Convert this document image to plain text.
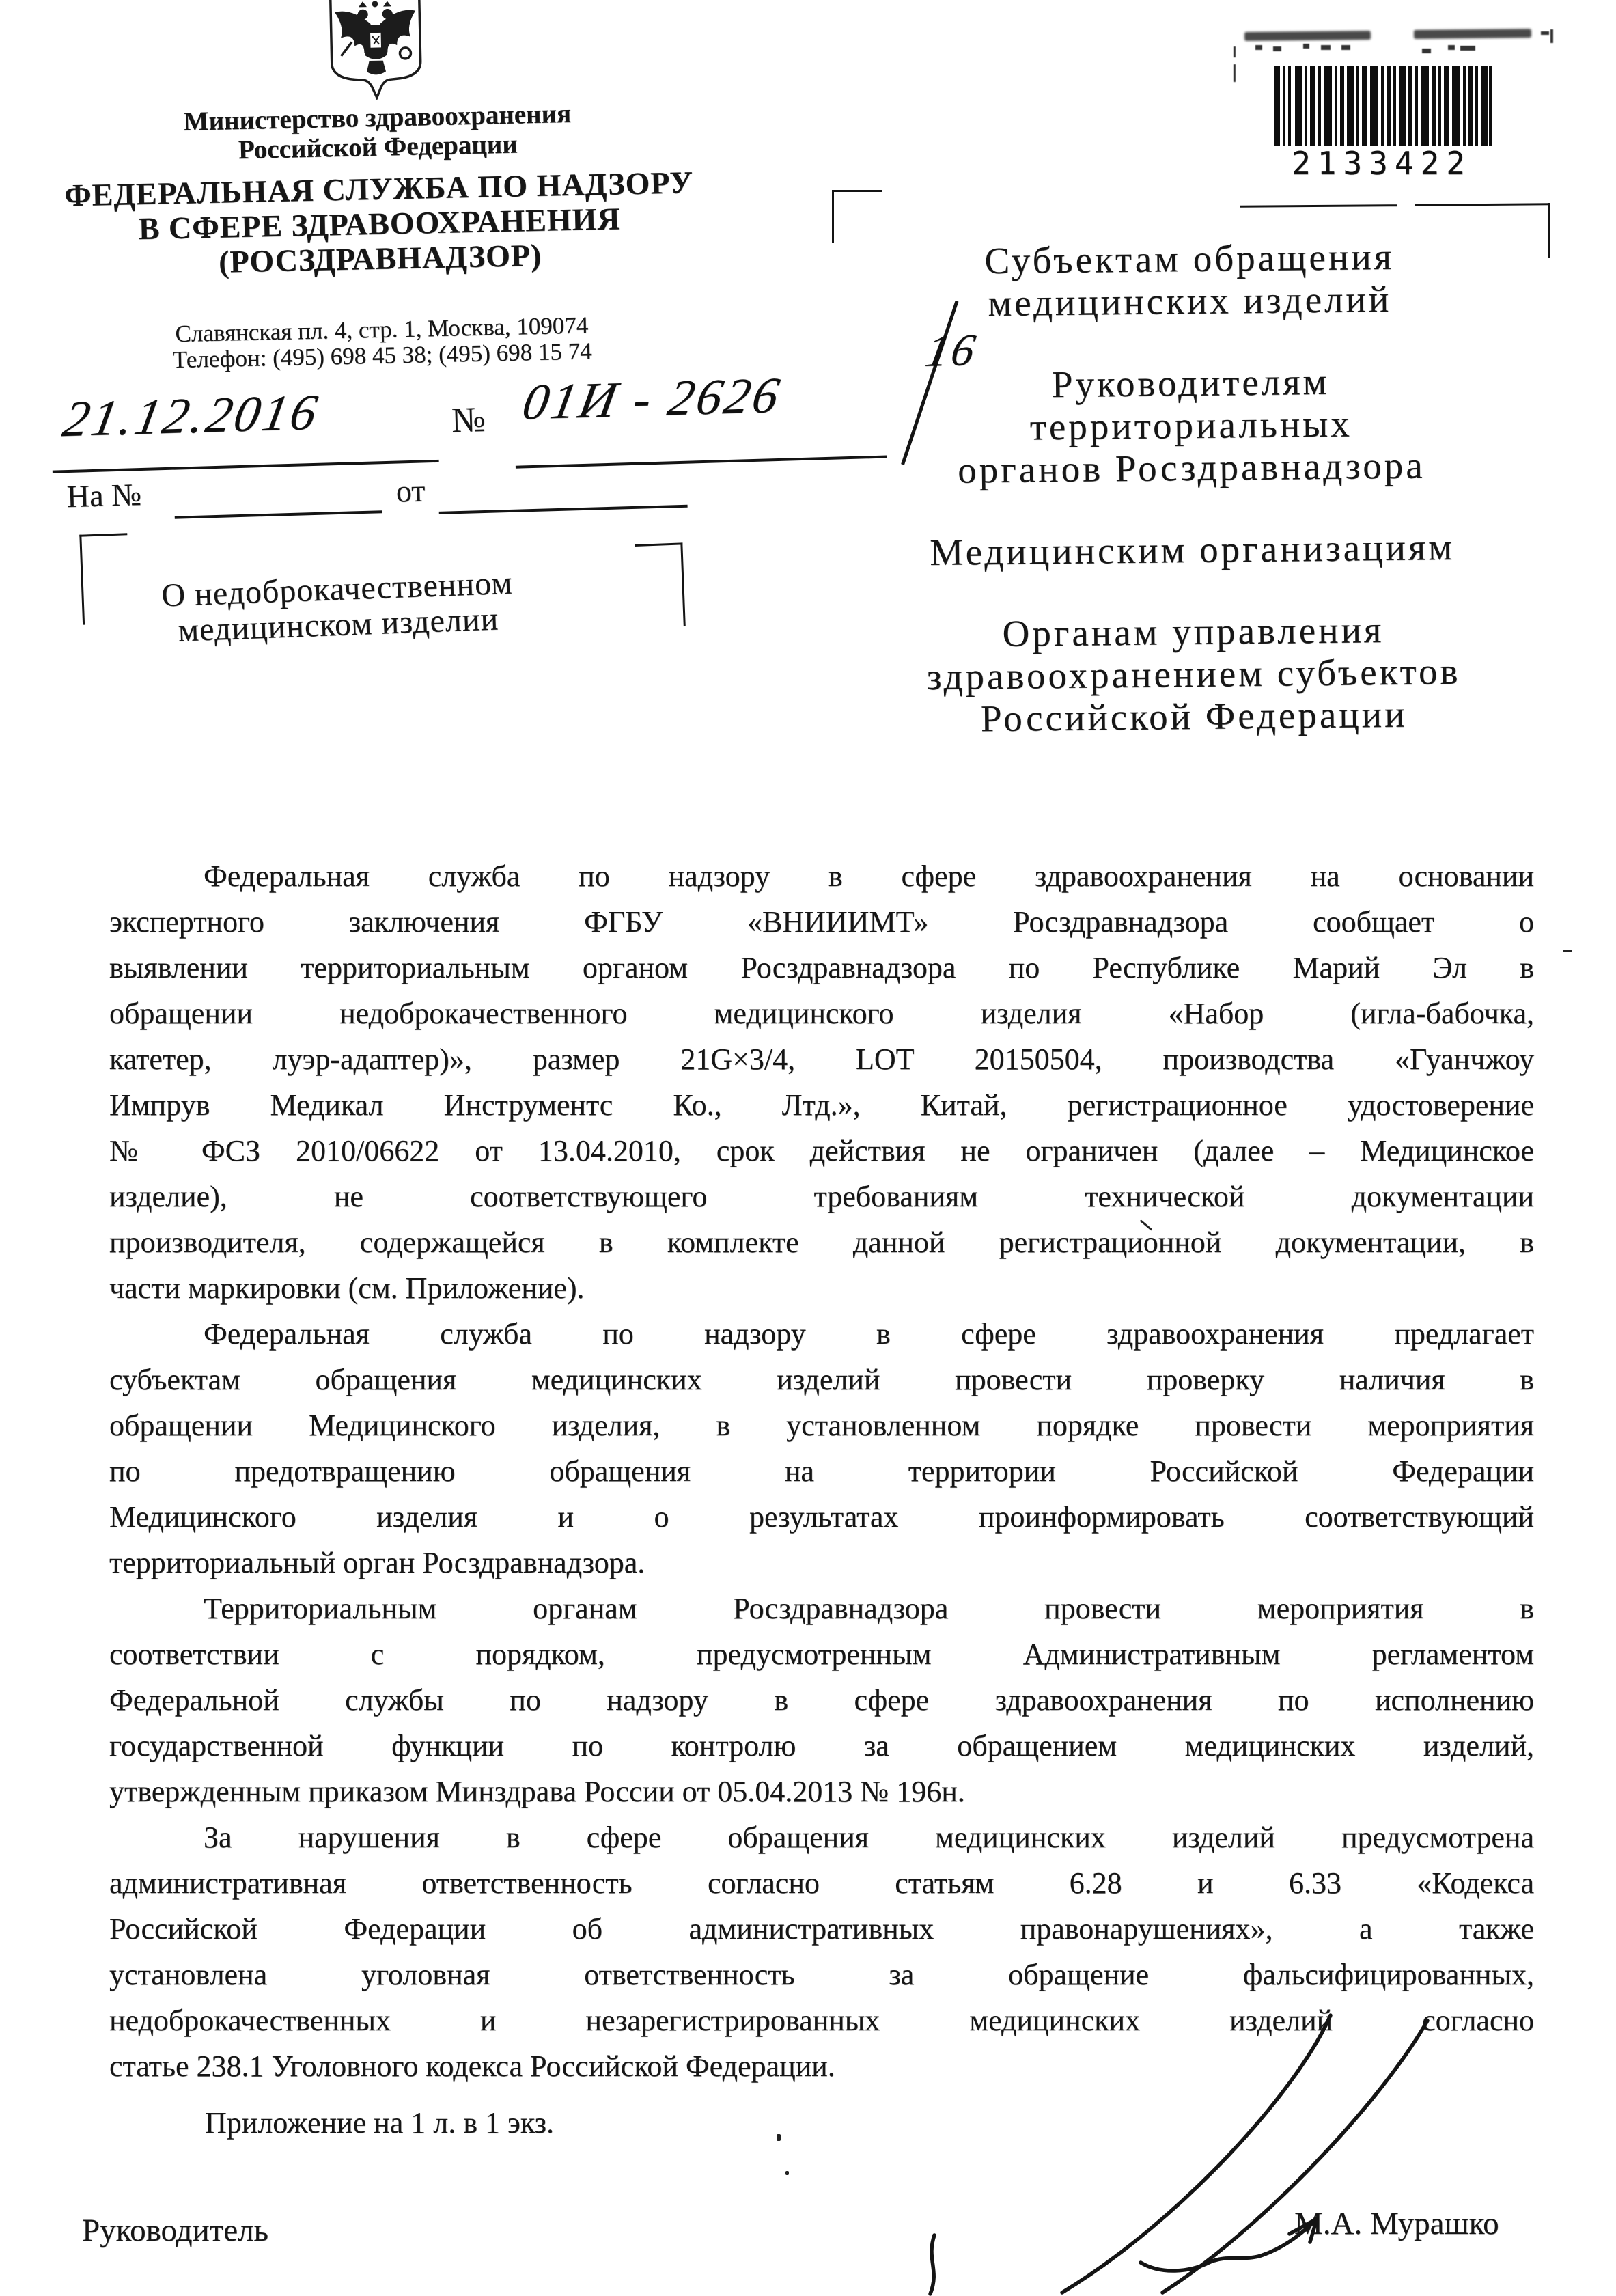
Министерство здравоохранения
Российской Федерации
ФЕДЕРАЛЬНАЯ СЛУЖБА ПО НАДЗОРУ
В СФЕРЕ ЗДРАВООХРАНЕНИЯ
(РОСЗДРАВНАДЗОР)
Славянская пл. 4, стр. 1, Москва, 109074
Телефон: (495) 698 45 38; (495) 698 15 74
2133422
21.12.2016	№ 01И - 2626
16
На №	от
Субъектам обращения
медицинских изделий
Руководителям
территориальных
органов Росздравнадзора
Медицинским организациям
Органам управления
здравоохранением субъектов
Российской Федерации
О недоброкачественном
медицинском изделии
Федеральная служба по надзору в сфере здравоохранения на основании
экспертного заключения ФГБУ «ВНИИИМТ» Росздравнадзора сообщает о
выявлении территориальным органом Росздравнадзора по Республике Марий Эл в
обращении недоброкачественного медицинского изделия «Набор (игла-бабочка,
катетер, луэр-адаптер)», размер 21G×3/4, LOT 20150504, производства «Гуанчжоу
Импрув Медикал Инструментс Ко., Лтд.», Китай, регистрационное удостоверение
№ ФСЗ 2010/06622 от 13.04.2010, срок действия не ограничен (далее – Медицинское
изделие), не соответствующего требованиям технической документации
производителя, содержащейся в комплекте данной регистрационной документации, в
части маркировки (см. Приложение).
Федеральная служба по надзору в сфере здравоохранения предлагает
субъектам обращения медицинских изделий провести проверку наличия в
обращении Медицинского изделия, в установленном порядке провести мероприятия
по предотвращению обращения на территории Российской Федерации
Медицинского изделия и о результатах проинформировать соответствующий
территориальный орган Росздравнадзора.
Территориальным органам Росздравнадзора провести мероприятия в
соответствии с порядком, предусмотренным Административным регламентом
Федеральной службы по надзору в сфере здравоохранения по исполнению
государственной функции по контролю за обращением медицинских изделий,
утвержденным приказом Минздрава России от 05.04.2013 № 196н.
За нарушения в сфере обращения медицинских изделий предусмотрена
административная ответственность согласно статьям 6.28 и 6.33 «Кодекса
Российской Федерации об административных правонарушениях», а также
установлена уголовная ответственность за обращение фальсифицированных,
недоброкачественных и незарегистрированных медицинских изделий согласно
статье 238.1 Уголовного кодекса Российской Федерации.
Приложение на 1 л. в 1 экз.
Руководитель	М.А. Мурашко
